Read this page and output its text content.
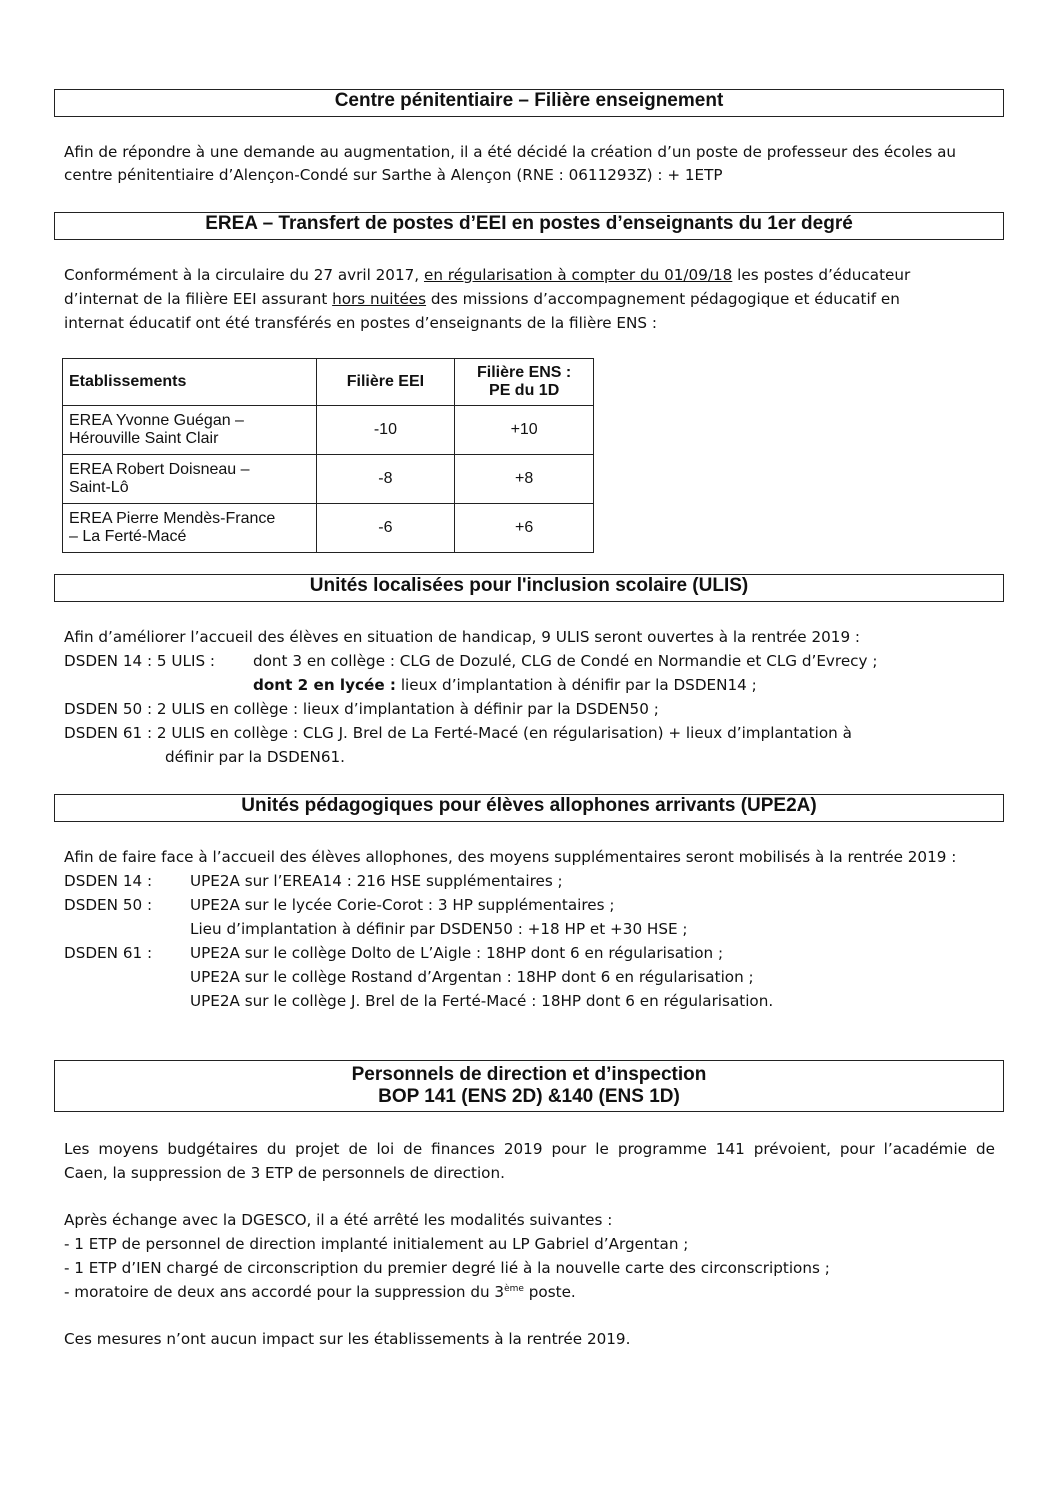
Centre pénitentiaire – Filière enseignement
Afin de répondre à une demande au augmentation, il a été décidé la création d’un poste de professeur des écoles au
centre pénitentiaire d’Alençon-Condé sur Sarthe à Alençon (RNE : 0611293Z) : + 1ETP
EREA – Transfert de postes d’EEI en postes d’enseignants du 1er degré
Conformément à la circulaire du 27 avril 2017, en régularisation à compter du 01/09/18 les postes d’éducateur
d’internat de la filière EEI assurant hors nuitées des missions d’accompagnement pédagogique et éducatif en
internat éducatif ont été transférés en postes d’enseignants de la filière ENS :
Etablissements	Filière EEI	Filière ENS :
PE du 1D
EREA Yvonne Guégan –
Hérouville Saint Clair	-10	+10
EREA Robert Doisneau –
Saint-Lô	-8	+8
EREA Pierre Mendès-France
– La Ferté-Macé	-6	+6
Unités localisées pour l'inclusion scolaire (ULIS)
Afin d’améliorer l’accueil des élèves en situation de handicap, 9 ULIS seront ouvertes à la rentrée 2019 :
DSDEN 14 : 5 ULIS : dont 3 en collège : CLG de Dozulé, CLG de Condé en Normandie et CLG d’Evrecy ;
dont 2 en lycée : lieux d’implantation à dénifir par la DSDEN14 ;
DSDEN 50 : 2 ULIS en collège : lieux d’implantation à définir par la DSDEN50 ;
DSDEN 61 : 2 ULIS en collège : CLG J. Brel de La Ferté-Macé (en régularisation) + lieux d’implantation à
définir par la DSDEN61.
Unités pédagogiques pour élèves allophones arrivants (UPE2A)
Afin de faire face à l’accueil des élèves allophones, des moyens supplémentaires seront mobilisés à la rentrée 2019 :
DSDEN 14 : UPE2A sur l’EREA14 : 216 HSE supplémentaires ;
DSDEN 50 : UPE2A sur le lycée Corie-Corot : 3 HP supplémentaires ;
Lieu d’implantation à définir par DSDEN50 : +18 HP et +30 HSE ;
DSDEN 61 : UPE2A sur le collège Dolto de L’Aigle : 18HP dont 6 en régularisation ;
UPE2A sur le collège Rostand d’Argentan : 18HP dont 6 en régularisation ;
UPE2A sur le collège J. Brel de la Ferté-Macé : 18HP dont 6 en régularisation.
Personnels de direction et d’inspection
BOP 141 (ENS 2D) &140 (ENS 1D)
Les moyens budgétaires du projet de loi de finances 2019 pour le programme 141 prévoient, pour l’académie de
Caen, la suppression de 3 ETP de personnels de direction.
Après échange avec la DGESCO, il a été arrêté les modalités suivantes :
- 1 ETP de personnel de direction implanté initialement au LP Gabriel d’Argentan ;
- 1 ETP d’IEN chargé de circonscription du premier degré lié à la nouvelle carte des circonscriptions ;
- moratoire de deux ans accordé pour la suppression du 3ème poste.
Ces mesures n’ont aucun impact sur les établissements à la rentrée 2019.
